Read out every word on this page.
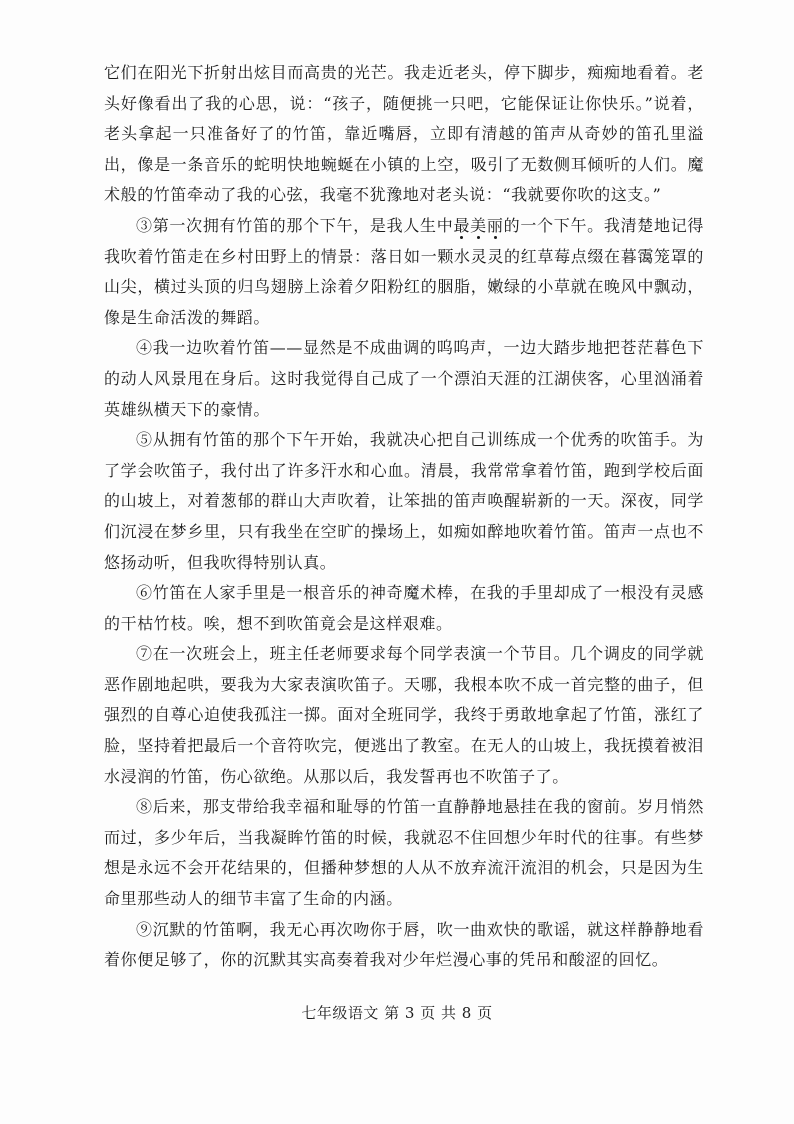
它们在阳光下折射出炫目而高贵的光芒。我走近老头，停下脚步，痴痴地看着。老头好像看出了我的心思，说：“孩子，随便挑一只吧，它能保证让你快乐。”说着，老头拿起一只准备好了的竹笛，靠近嘴唇，立即有清越的笛声从奇妙的笛孔里溢出，像是一条音乐的蛇明快地蜿蜒在小镇的上空，吸引了无数侧耳倾听的人们。魔术般的竹笛牵动了我的心弦，我毫不犹豫地对老头说：“我就要你吹的这支。”

③第一次拥有竹笛的那个下午，是我人生中最美丽的一个下午。我清楚地记得我吹着竹笛走在乡村田野上的情景：落日如一颗水灵灵的红草莓点缀在暮霭笼罩的山尖，横过头顶的归鸟翅膀上涂着夕阳粉红的胭脂，嫩绿的小草就在晚风中飘动，像是生命活泼的舞蹈。

④我一边吹着竹笛——显然是不成曲调的呜呜声，一边大踏步地把苍茫暮色下的动人风景甩在身后。这时我觉得自己成了一个漂泊天涯的江湖侠客，心里汹涌着英雄纵横天下的豪情。

⑤从拥有竹笛的那个下午开始，我就决心把自己训练成一个优秀的吹笛手。为了学会吹笛子，我付出了许多汗水和心血。清晨，我常常拿着竹笛，跑到学校后面的山坡上，对着葱郁的群山大声吹着，让笨拙的笛声唤醒崭新的一天。深夜，同学们沉浸在梦乡里，只有我坐在空旷的操场上，如痴如醉地吹着竹笛。笛声一点也不悠扬动听，但我吹得特别认真。

⑥竹笛在人家手里是一根音乐的神奇魔术棒，在我的手里却成了一根没有灵感的干枯竹枝。唉，想不到吹笛竟会是这样艰难。

⑦在一次班会上，班主任老师要求每个同学表演一个节目。几个调皮的同学就恶作剧地起哄，要我为大家表演吹笛子。天哪，我根本吹不成一首完整的曲子，但强烈的自尊心迫使我孤注一掷。面对全班同学，我终于勇敢地拿起了竹笛，涨红了脸，坚持着把最后一个音符吹完，便逃出了教室。在无人的山坡上，我抚摸着被泪水浸润的竹笛，伤心欲绝。从那以后，我发誓再也不吹笛子了。

⑧后来，那支带给我幸福和耻辱的竹笛一直静静地悬挂在我的窗前。岁月悄然而过，多少年后，当我凝眸竹笛的时候，我就忍不住回想少年时代的往事。有些梦想是永远不会开花结果的，但播种梦想的人从不放弃流汗流泪的机会，只是因为生命里那些动人的细节丰富了生命的内涵。

⑨沉默的竹笛啊，我无心再次吻你于唇，吹一曲欢快的歌谣，就这样静静地看着你便足够了，你的沉默其实高奏着我对少年烂漫心事的凭吊和酸涩的回忆。

七年级语文 第 3 页 共 8 页
